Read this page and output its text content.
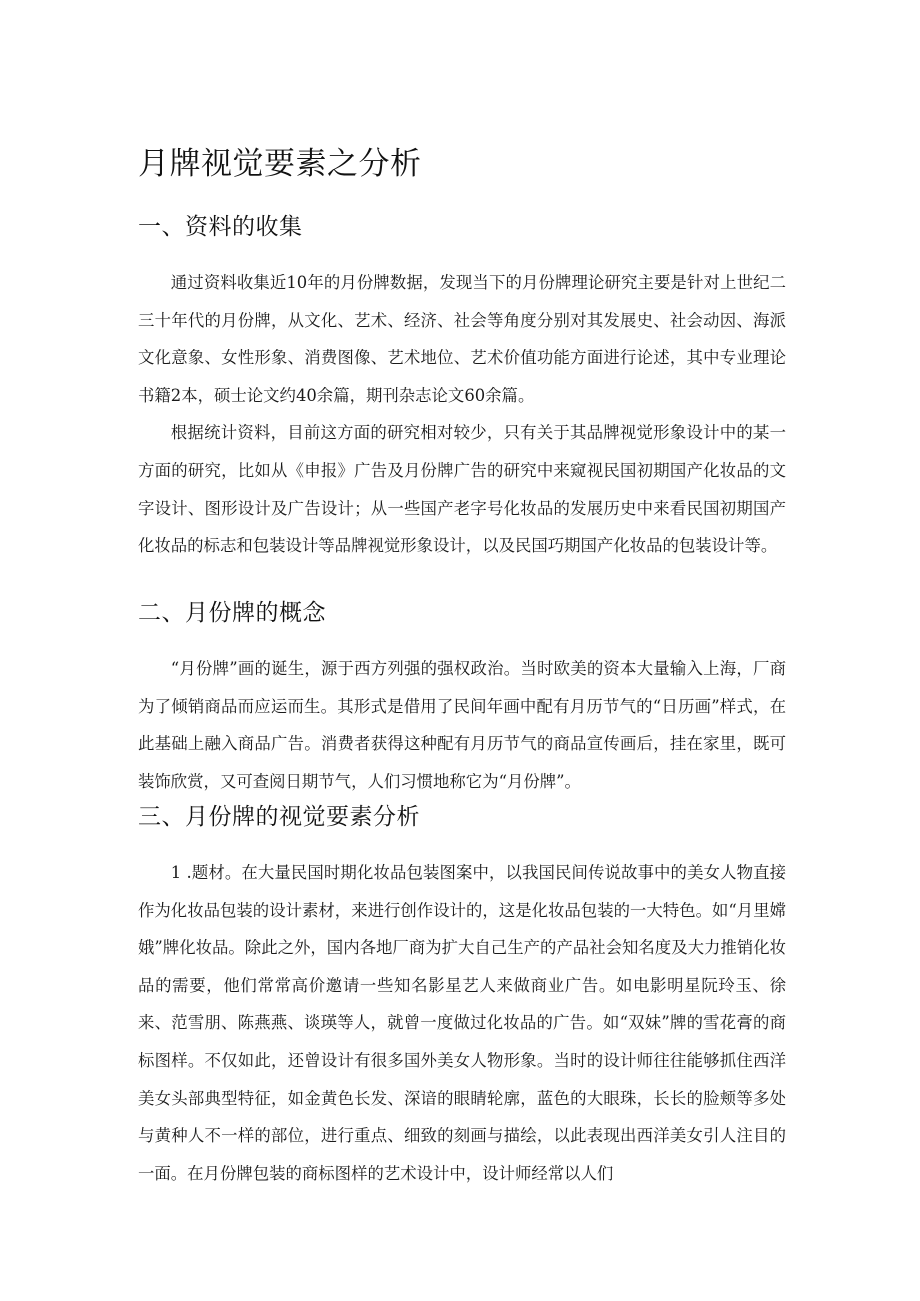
月牌视觉要素之分析
一、资料的收集

通过资料收集近10年的月份牌数据，发现当下的月份牌理论研究主要是针对上世纪二三十年代的月份牌，从文化、艺术、经济、社会等角度分别对其发展史、社会动因、海派文化意象、女性形象、消费图像、艺术地位、艺术价值功能方面进行论述，其中专业理论书籍2本，硕士论文约40余篇，期刊杂志论文60余篇。

根据统计资料，目前这方面的研究相对较少，只有关于其品牌视觉形象设计中的某一方面的研究，比如从《申报》广告及月份牌广告的研究中来窥视民国初期国产化妆品的文字设计、图形设计及广告设计；从一些国产老字号化妆品的发展历史中来看民国初期国产化妆品的标志和包装设计等品牌视觉形象设计，以及民国巧期国产化妆品的包装设计等。

二、月份牌的概念

“月份牌”画的诞生，源于西方列强的强权政治。当时欧美的资本大量输入上海，厂商为了倾销商品而应运而生。其形式是借用了民间年画中配有月历节气的“日历画”样式，在此基础上融入商品广告。消费者获得这种配有月历节气的商品宣传画后，挂在家里，既可装饰欣赏，又可查阅日期节气，人们习惯地称它为“月份牌”。

三、月份牌的视觉要素分析

1 .题材。在大量民国时期化妆品包装图案中，以我国民间传说故事中的美女人物直接作为化妆品包装的设计素材，来进行创作设计的，这是化妆品包装的一大特色。如“月里嫦娥”牌化妆品。除此之外，国内各地厂商为扩大自己生产的产品社会知名度及大力推销化妆品的需要，他们常常高价邀请一些知名影星艺人来做商业广告。如电影明星阮玲玉、徐来、范雪朋、陈燕燕、谈瑛等人，就曾一度做过化妆品的广告。如“双妹”牌的雪花膏的商标图样。不仅如此，还曾设计有很多国外美女人物形象。当时的设计师往往能够抓住西洋美女头部典型特征，如金黄色长发、深谙的眼睛轮廓，蓝色的大眼珠，长长的脸颊等多处与黄种人不一样的部位，进行重点、细致的刻画与描绘，以此表现出西洋美女引人注目的一面。在月份牌包装的商标图样的艺术设计中，设计师经常以人们
